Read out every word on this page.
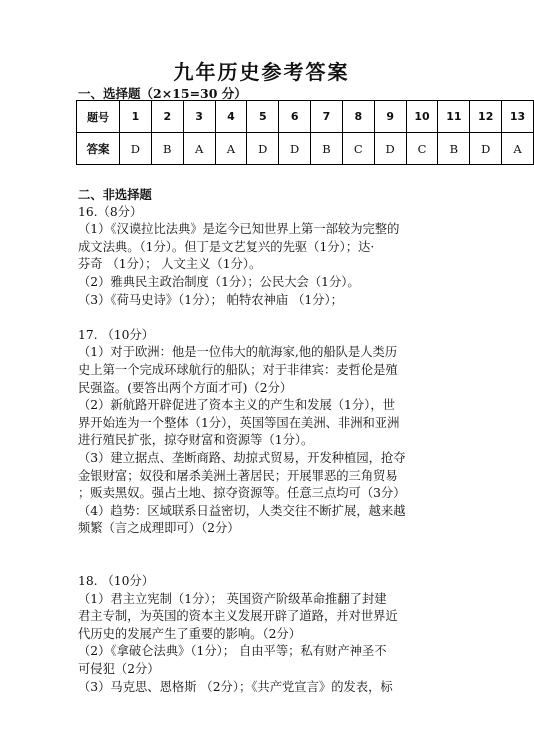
九年历史参考答案
一、选择题（2×15=30 分）
题号	1	2	3	4	5	6	7	8	9	10	11	12	13
答案	D	B	A	A	D	D	B	C	D	C	B	D	A

二、非选择题

16.（8分）

（1）《汉谟拉比法典》是迄今已知世界上第一部较为完整的

成文法典。（1分）。但丁是文艺复兴的先驱（1分）；达·

芬奇 （1分）； 人文主义（1分）。

（2）雅典民主政治制度（1分）；公民大会（1分）。

（3）《荷马史诗》（1分）； 帕特农神庙 （1分）；

17. （10分）

（1）对于欧洲：他是一位伟大的航海家,他的船队是人类历

史上第一个完成环球航行的船队；对于非律宾：麦哲伦是殖

民强盗。(要答出两个方面才可)（2分）

（2）新航路开辟促进了资本主义的产生和发展（1分），世

界开始连为一个整体（1分），英国等国在美洲、非洲和亚洲

进行殖民扩张，掠夺财富和资源等（1分）。

（3）建立据点、垄断商路、劫掠式贸易，开发种植园，抢夺

金银财富；奴役和屠杀美洲土著居民；开展罪恶的三角贸易

；贩卖黑奴。强占土地、掠夺资源等。任意三点均可（3分）

（4）趋势：区域联系日益密切，人类交往不断扩展，越来越

频繁（言之成理即可）（2分）

18. （10分）

（1）君主立宪制（1分）； 英国资产阶级革命推翻了封建

君主专制，为英国的资本主义发展开辟了道路，并对世界近

代历史的发展产生了重要的影响。（2分）

（2）《拿破仑法典》（1分）； 自由平等；私有财产神圣不

可侵犯（2分）

（3）马克思、恩格斯 （2分）；《共产党宣言》的发表，标
